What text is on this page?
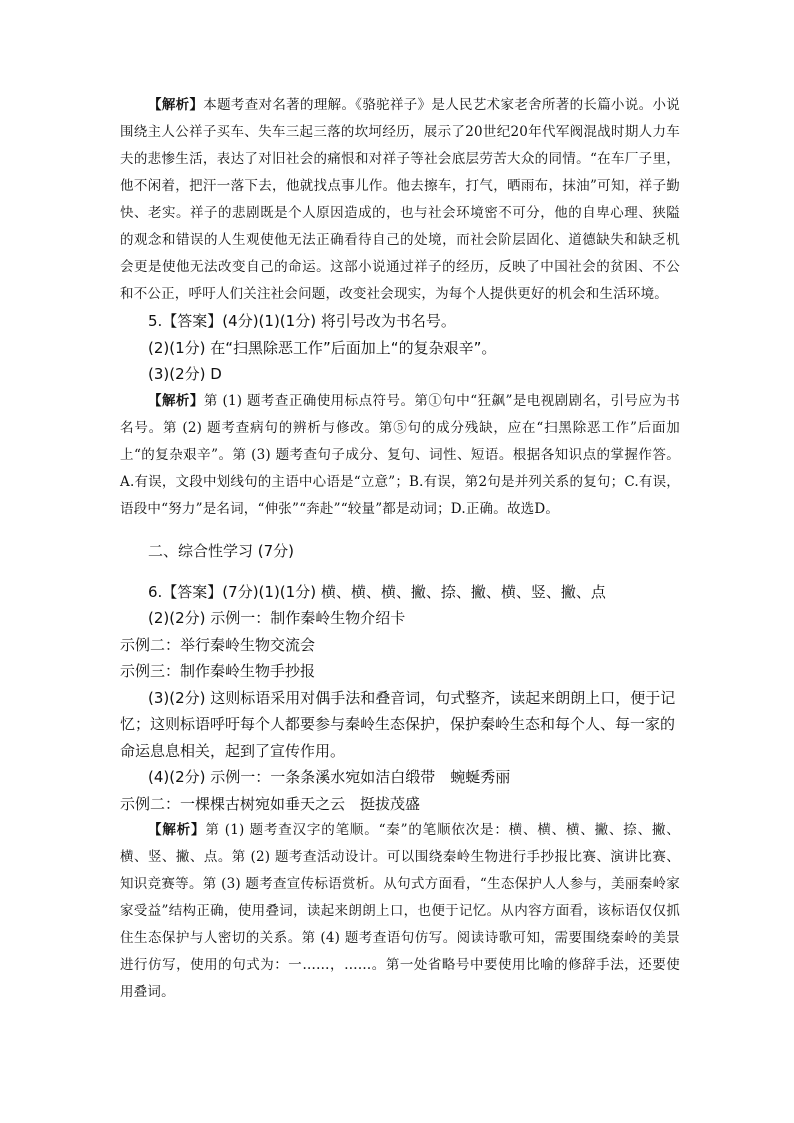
【解析】本题考查对名著的理解。《骆驼祥子》是人民艺术家老舍所著的长篇小说。小说围绕主人公祥子买车、失车三起三落的坎坷经历，展示了20世纪20年代军阀混战时期人力车夫的悲惨生活，表达了对旧社会的痛恨和对祥子等社会底层劳苦大众的同情。“在车厂子里，他不闲着，把汗一落下去，他就找点事儿作。他去擦车，打气，晒雨布，抹油”可知，祥子勤快、老实。祥子的悲剧既是个人原因造成的，也与社会环境密不可分，他的自卑心理、狭隘的观念和错误的人生观使他无法正确看待自己的处境，而社会阶层固化、道德缺失和缺乏机会更是使他无法改变自己的命运。这部小说通过祥子的经历，反映了中国社会的贫困、不公和不公正，呼吁人们关注社会问题，改变社会现实，为每个人提供更好的机会和生活环境。

5.【答案】(4分)(1)(1分) 将引号改为书名号。

(2)(1分) 在“扫黑除恶工作”后面加上“的复杂艰辛”。

(3)(2分) D

【解析】第 (1) 题考查正确使用标点符号。第①句中“狂飙”是电视剧剧名，引号应为书名号。第 (2) 题考查病句的辨析与修改。第⑤句的成分残缺，应在“扫黑除恶工作”后面加上“的复杂艰辛”。第 (3) 题考查句子成分、复句、词性、短语。根据各知识点的掌握作答。A.有误，文段中划线句的主语中心语是“立意”；B.有误，第2句是并列关系的复句；C.有误，语段中“努力”是名词，“伸张”“奔赴”“较量”都是动词；D.正确。故选D。

二、综合性学习 (7分)

6.【答案】(7分)(1)(1分) 横、横、横、撇、捺、撇、横、竖、撇、点

(2)(2分) 示例一：制作秦岭生物介绍卡

示例二：举行秦岭生物交流会

示例三：制作秦岭生物手抄报

(3)(2分) 这则标语采用对偶手法和叠音词，句式整齐，读起来朗朗上口，便于记忆；这则标语呼吁每个人都要参与秦岭生态保护，保护秦岭生态和每个人、每一家的命运息息相关，起到了宣传作用。

(4)(2分) 示例一：一条条溪水宛如洁白缎带　蜿蜒秀丽

示例二：一棵棵古树宛如垂天之云　挺拔茂盛

【解析】第 (1) 题考查汉字的笔顺。“秦”的笔顺依次是：横、横、横、撇、捺、撇、横、竖、撇、点。第 (2) 题考查活动设计。可以围绕秦岭生物进行手抄报比赛、演讲比赛、知识竞赛等。第 (3) 题考查宣传标语赏析。从句式方面看，“生态保护人人参与，美丽秦岭家家受益”结构正确，使用叠词，读起来朗朗上口，也便于记忆。从内容方面看，该标语仅仅抓住生态保护与人密切的关系。第 (4) 题考查语句仿写。阅读诗歌可知，需要围绕秦岭的美景进行仿写，使用的句式为：一……，……。第一处省略号中要使用比喻的修辞手法，还要使用叠词。
